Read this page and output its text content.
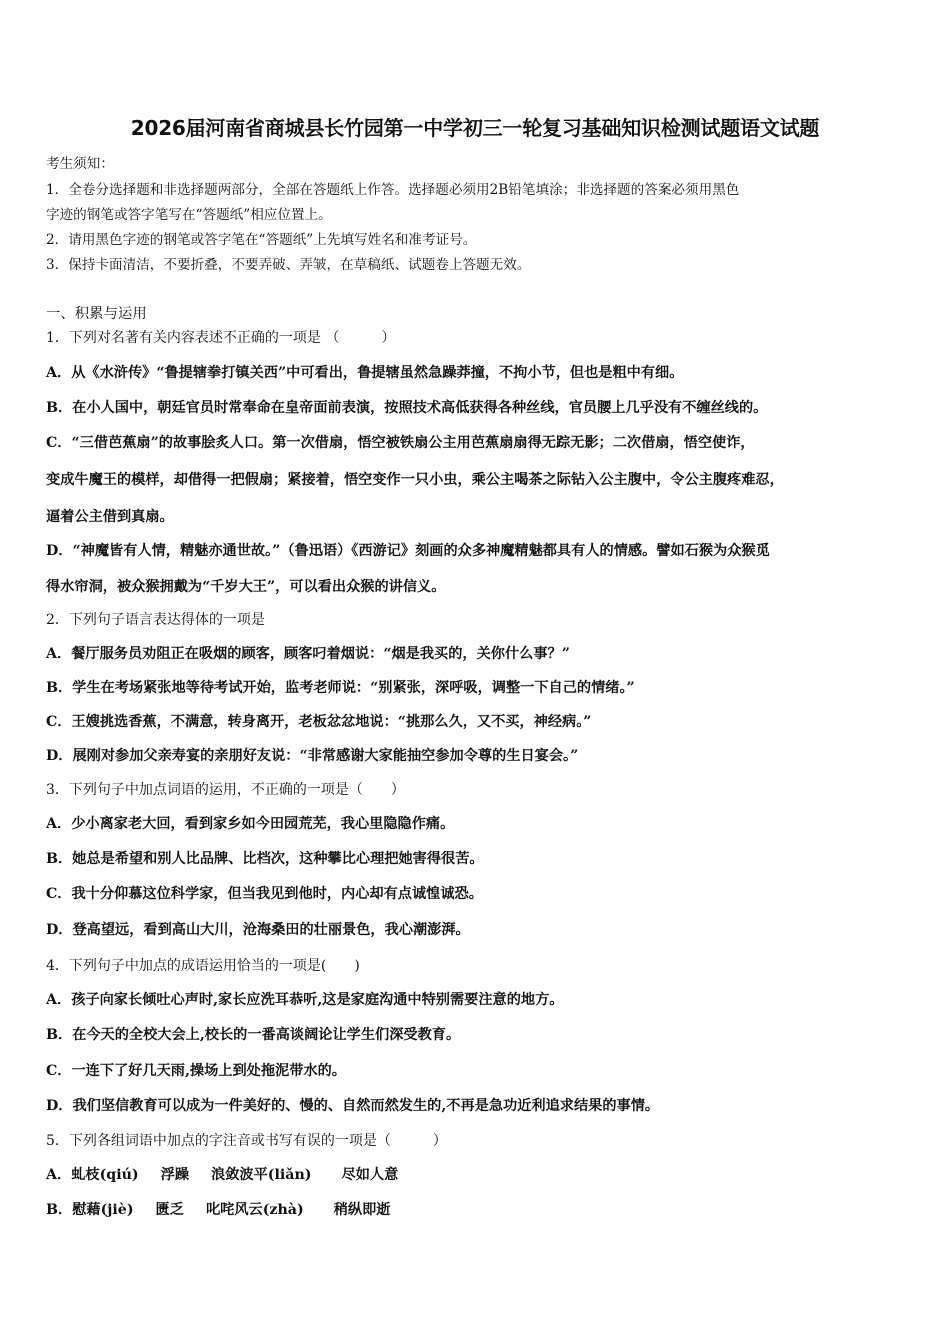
2026届河南省商城县长竹园第一中学初三一轮复习基础知识检测试题语文试题
考生须知：
1．全卷分选择题和非选择题两部分，全部在答题纸上作答。选择题必须用2B铅笔填涂；非选择题的答案必须用黑色
字迹的钢笔或答字笔写在“答题纸”相应位置上。
2．请用黑色字迹的钢笔或答字笔在“答题纸”上先填写姓名和准考证号。
3．保持卡面清洁，不要折叠，不要弄破、弄皱，在草稿纸、试题卷上答题无效。
一、积累与运用
1．下列对名著有关内容表述不正确的一项是 （　　　）
A．从《水浒传》“鲁提辖拳打镇关西”中可看出，鲁提辖虽然急躁莽撞，不拘小节，但也是粗中有细。
B．在小人国中，朝廷官员时常奉命在皇帝面前表演，按照技术高低获得各种丝线，官员腰上几乎没有不缠丝线的。
C．“三借芭蕉扇”的故事脍炙人口。第一次借扇，悟空被铁扇公主用芭蕉扇扇得无踪无影；二次借扇，悟空使诈，
变成牛魔王的模样，却借得一把假扇；紧接着，悟空变作一只小虫，乘公主喝茶之际钻入公主腹中，令公主腹疼难忍，
逼着公主借到真扇。
D．“神魔皆有人情，精魅亦通世故。”（鲁迅语）《西游记》刻画的众多神魔精魅都具有人的情感。譬如石猴为众猴觅
得水帘洞，被众猴拥戴为“千岁大王”，可以看出众猴的讲信义。
2．下列句子语言表达得体的一项是
A．餐厅服务员劝阻正在吸烟的顾客，顾客叼着烟说：“烟是我买的，关你什么事？”
B．学生在考场紧张地等待考试开始，监考老师说：“别紧张，深呼吸，调整一下自己的情绪。”
C．王嫂挑选香蕉，不满意，转身离开，老板忿忿地说：“挑那么久，又不买，神经病。”
D．展刚对参加父亲寿宴的亲朋好友说：“非常感谢大家能抽空参加令尊的生日宴会。”
3．下列句子中加点词语的运用，不正确的一项是（　　）
A．少小离家老大回，看到家乡如今田园荒芜，我心里隐隐作痛。
B．她总是希望和别人比品牌、比档次，这种攀比心理把她害得很苦。
C．我十分仰慕这位科学家，但当我见到他时，内心却有点诚惶诚恐。
D．登高望远，看到高山大川，沧海桑田的壮丽景色，我心潮澎湃。
4．下列句子中加点的成语运用恰当的一项是(　　)
A．孩子向家长倾吐心声时,家长应洗耳恭听,这是家庭沟通中特别需要注意的地方。
B．在今天的全校大会上,校长的一番高谈阔论让学生们深受教育。
C．一连下了好几天雨,操场上到处拖泥带水的。
D．我们坚信教育可以成为一件美好的、慢的、自然而然发生的,不再是急功近利追求结果的事情。
5．下列各组词语中加点的字注音或书写有误的一项是（　　　）
A．虬枝(qiú) 浮躁 浪敛波平(liǎn) 尽如人意
B．慰藉(jiè) 匮乏 叱咤风云(zhà) 稍纵即逝
